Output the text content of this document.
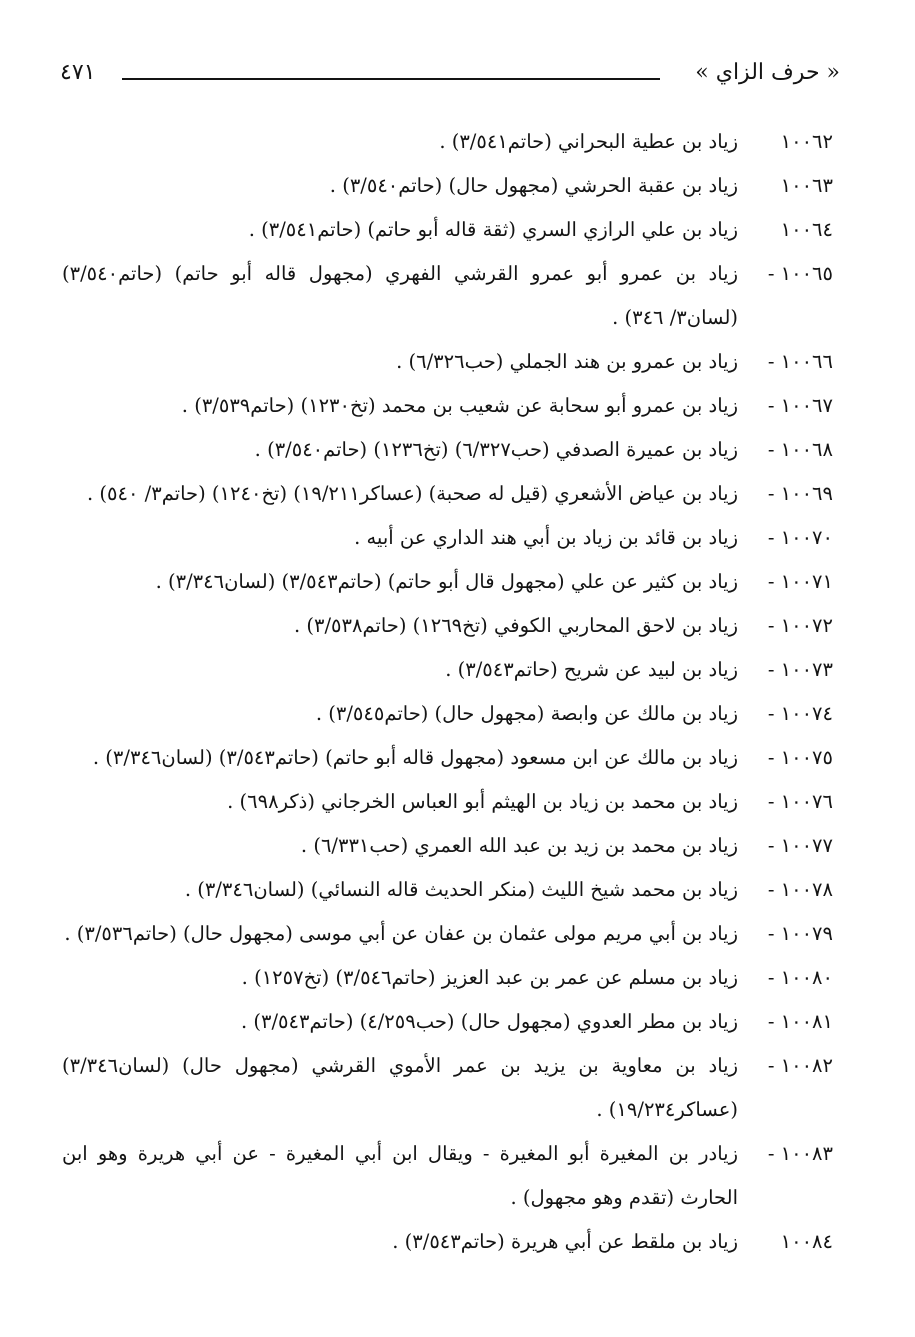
« حرف الزاي »
٤٧١
١٠٠٦٢
زياد بن عطية البحراني (حاتم٣/٥٤١) .
١٠٠٦٣
زياد بن عقبة الحرشي (مجهول حال) (حاتم٣/٥٤٠) .
١٠٠٦٤
زياد بن علي الرازي السري (ثقة قاله أبو حاتم) (حاتم٣/٥٤١) .
١٠٠٦٥ -
زياد بن عمرو أبو عمرو القرشي الفهري (مجهول قاله أبو حاتم) (حاتم٣/٥٤٠) (لسان٣/ ٣٤٦) .
١٠٠٦٦ -
زياد بن عمرو بن هند الجملي (حب٦/٣٢٦) .
١٠٠٦٧ -
زياد بن عمرو أبو سحابة عن شعيب بن محمد (تخ١٢٣٠) (حاتم٣/٥٣٩) .
١٠٠٦٨ -
زياد بن عميرة الصدفي (حب٦/٣٢٧) (تخ١٢٣٦) (حاتم٣/٥٤٠) .
١٠٠٦٩ -
زياد بن عياض الأشعري (قيل له صحبة) (عساكر١٩/٢١١) (تخ١٢٤٠) (حاتم٣/ ٥٤٠) .
١٠٠٧٠ -
زياد بن قائد بن زياد بن أبي هند الداري عن أبيه .
١٠٠٧١ -
زياد بن كثير عن علي (مجهول قال أبو حاتم) (حاتم٣/٥٤٣) (لسان٣/٣٤٦) .
١٠٠٧٢ -
زياد بن لاحق المحاربي الكوفي (تخ١٢٦٩) (حاتم٣/٥٣٨) .
١٠٠٧٣ -
زياد بن لبيد عن شريح (حاتم٣/٥٤٣) .
١٠٠٧٤ -
زياد بن مالك عن وابصة (مجهول حال) (حاتم٣/٥٤٥) .
١٠٠٧٥ -
زياد بن مالك عن ابن مسعود (مجهول قاله أبو حاتم) (حاتم٣/٥٤٣) (لسان٣/٣٤٦) .
١٠٠٧٦ -
زياد بن محمد بن زياد بن الهيثم أبو العباس الخرجاني (ذكر٦٩٨) .
١٠٠٧٧ -
زياد بن محمد بن زيد بن عبد الله العمري (حب٦/٣٣١) .
١٠٠٧٨ -
زياد بن محمد شيخ الليث (منكر الحديث قاله النسائي) (لسان٣/٣٤٦) .
١٠٠٧٩ -
زياد بن أبي مريم مولى عثمان بن عفان عن أبي موسى (مجهول حال) (حاتم٣/٥٣٦) .
١٠٠٨٠ -
زياد بن مسلم عن عمر بن عبد العزيز (حاتم٣/٥٤٦) (تخ١٢٥٧) .
١٠٠٨١ -
زياد بن مطر العدوي (مجهول حال) (حب٤/٢٥٩) (حاتم٣/٥٤٣) .
١٠٠٨٢ -
زياد بن معاوية بن يزيد بن عمر الأموي القرشي (مجهول حال) (لسان٣/٣٤٦) (عساكر١٩/٢٣٤) .
١٠٠٨٣ -
زيادر بن المغيرة أبو المغيرة - ويقال ابن أبي المغيرة - عن أبي هريرة وهو ابن الحارث (تقدم وهو مجهول) .
١٠٠٨٤
زياد بن ملقط عن أبي هريرة (حاتم٣/٥٤٣) .
